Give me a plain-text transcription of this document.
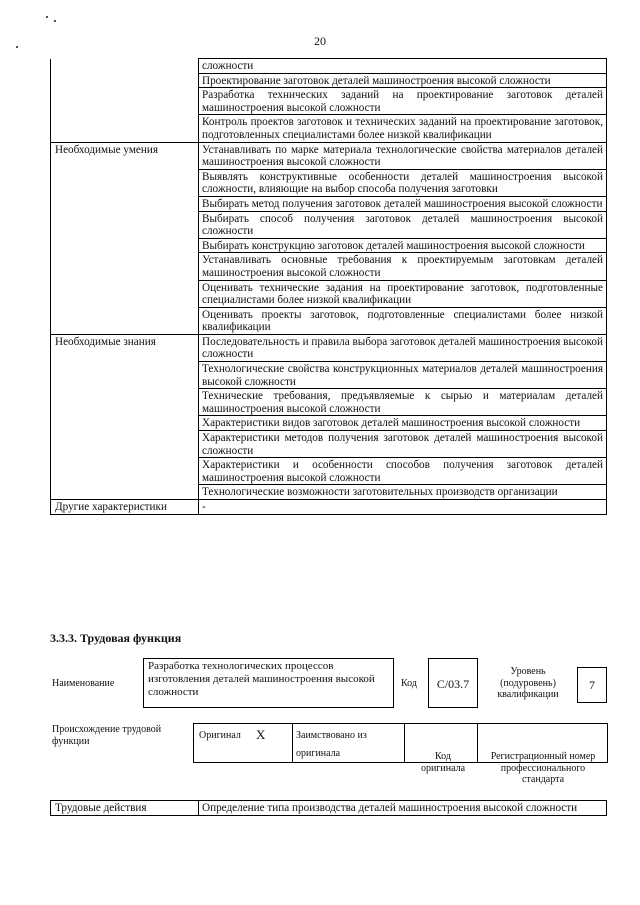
20
	сложности
	Проектирование заготовок деталей машиностроения высокой сложности
	Разработка технических заданий на проектирование заготовок деталей машиностроения высокой сложности
	Контроль проектов заготовок и технических заданий на проектирование заготовок, подготовленных специалистами более низкой квалификации
Необходимые умения	Устанавливать по марке материала технологические свойства материалов деталей машиностроения высокой сложности
	Выявлять конструктивные особенности деталей машиностроения высокой сложности, влияющие на выбор способа получения заготовки
	Выбирать метод получения заготовок деталей машиностроения высокой сложности
	Выбирать способ получения заготовок деталей машиностроения высокой сложности
	Выбирать конструкцию заготовок деталей машиностроения высокой сложности
	Устанавливать основные требования к проектируемым заготовкам деталей машиностроения высокой сложности
	Оценивать технические задания на проектирование заготовок, подготовленные специалистами более низкой квалификации
	Оценивать проекты заготовок, подготовленные специалистами более низкой квалификации
Необходимые знания	Последовательность и правила выбора заготовок деталей машиностроения высокой сложности
	Технологические свойства конструкционных материалов деталей машиностроения высокой сложности
	Технические требования, предъявляемые к сырью и материалам деталей машиностроения высокой сложности
	Характеристики видов заготовок деталей машиностроения высокой сложности
	Характеристики методов получения заготовок деталей машиностроения высокой сложности
	Характеристики и особенности способов получения заготовок деталей машиностроения высокой сложности
	Технологические возможности заготовительных производств организации
Другие характеристики	-
3.3.3. Трудовая функция
Наименование
Разработка технологических процессов изготовления деталей машиностроения высокой сложности
Код	C/03.7
Уровень (подуровень) квалификации
7
Происхождение трудовой функции	Оригинал X	Заимствовано из оригинала			Код оригинала
Регистрационный номер профессионального стандарта
Трудовые действия	Определение типа производства деталей машиностроения высокой сложности
